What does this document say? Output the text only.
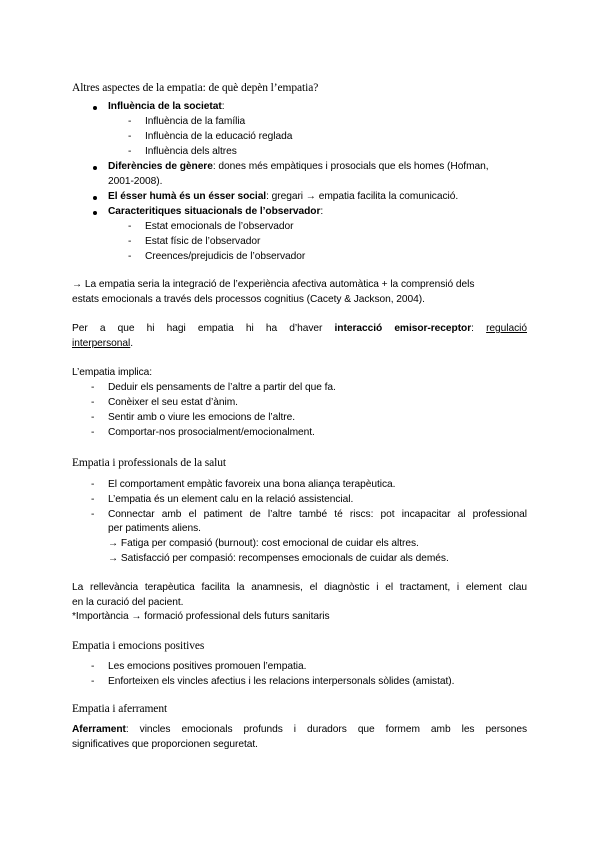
Altres aspectes de la empatia: de què depèn l’empatia?
Influència de la societat:
- Influència de la família
- Influència de la educació reglada
- Influència dels altres
Diferències de gènere: dones més empàtiques i prosocials que els homes (Hofman,
2001-2008).
El ésser humà és un ésser social: gregari → empatia facilita la comunicació.
Caracteritiques situacionals de l’observador:
- Estat emocionals de l’observador
- Estat físic de l’observador
- Creences/prejudicis de l’observador
→ La empatia seria la integració de l’experiència afectiva automàtica + la comprensió dels
estats emocionals a través dels processos cognitius (Cacety & Jackson, 2004).
Per a que hi hagi empatia hi ha d’haver interacció emisor-receptor: regulació
interpersonal.
L’empatia implica:
- Deduir els pensaments de l’altre a partir del que fa.
- Conèixer el seu estat d’ànim.
- Sentir amb o viure les emocions de l’altre.
- Comportar-nos prosocialment/emocionalment.
Empatia i professionals de la salut
- El comportament empàtic favoreix una bona aliança terapèutica.
- L’empatia és un element calu en la relació assistencial.
- Connectar amb el patiment de l’altre també té riscs: pot incapacitar al professional
per patiments aliens.
→ Fatiga per compasió (burnout): cost emocional de cuidar els altres.
→ Satisfacció per compasió: recompenses emocionals de cuidar als demés.
La rellevància terapèutica facilita la anamnesis, el diagnòstic i el tractament, i element clau
en la curació del pacient.
*Importància → formació professional dels futurs sanitaris
Empatia i emocions positives
- Les emocions positives promouen l’empatia.
- Enforteixen els vincles afectius i les relacions interpersonals sòlides (amistat).
Empatia i aferrament
Aferrament: vincles emocionals profunds i duradors que formem amb les persones
significatives que proporcionen seguretat.
